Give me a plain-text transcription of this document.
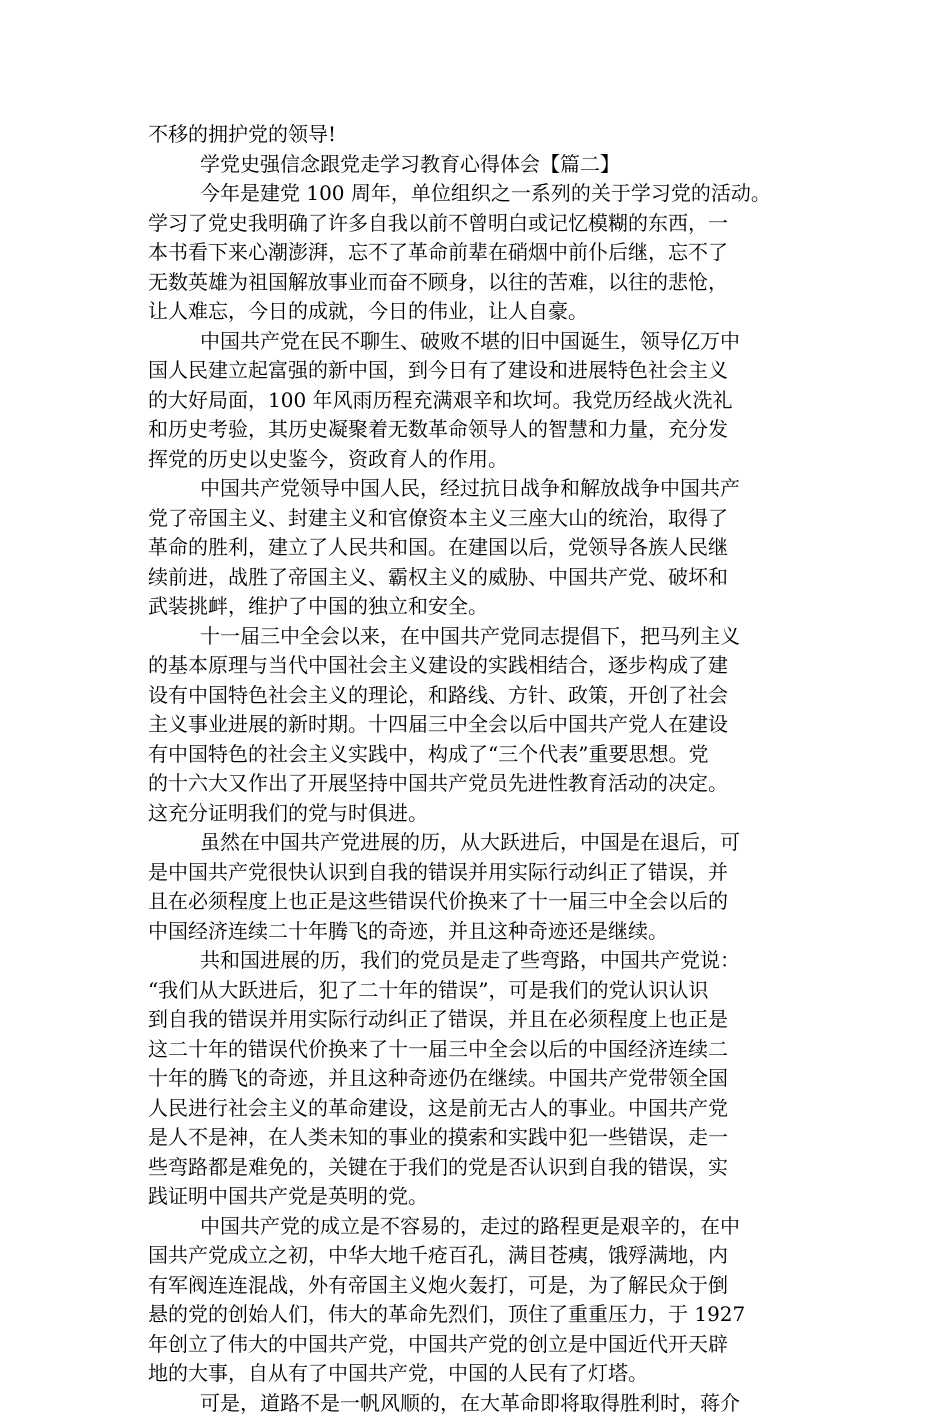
不移的拥护党的领导!
学党史强信念跟党走学习教育心得体会【篇二】
今年是建党 100 周年，单位组织之一系列的关于学习党的活动。
学习了党史我明确了许多自我以前不曾明白或记忆模糊的东西，一
本书看下来心潮澎湃，忘不了革命前辈在硝烟中前仆后继，忘不了
无数英雄为祖国解放事业而奋不顾身，以往的苦难，以往的悲怆，
让人难忘，今日的成就，今日的伟业，让人自豪。
中国共产党在民不聊生、破败不堪的旧中国诞生，领导亿万中
国人民建立起富强的新中国，到今日有了建设和进展特色社会主义
的大好局面，100 年风雨历程充满艰辛和坎坷。我党历经战火洗礼
和历史考验，其历史凝聚着无数革命领导人的智慧和力量，充分发
挥党的历史以史鉴今，资政育人的作用。
中国共产党领导中国人民，经过抗日战争和解放战争中国共产
党了帝国主义、封建主义和官僚资本主义三座大山的统治，取得了
革命的胜利，建立了人民共和国。在建国以后，党领导各族人民继
续前进，战胜了帝国主义、霸权主义的威胁、中国共产党、破坏和
武装挑衅，维护了中国的独立和安全。
十一届三中全会以来，在中国共产党同志提倡下，把马列主义
的基本原理与当代中国社会主义建设的实践相结合，逐步构成了建
设有中国特色社会主义的理论，和路线、方针、政策，开创了社会
主义事业进展的新时期。十四届三中全会以后中国共产党人在建设
有中国特色的社会主义实践中，构成了“三个代表”重要思想。党
的十六大又作出了开展坚持中国共产党员先进性教育活动的决定。
这充分证明我们的党与时俱进。
虽然在中国共产党进展的历，从大跃进后，中国是在退后，可
是中国共产党很快认识到自我的错误并用实际行动纠正了错误，并
且在必须程度上也正是这些错误代价换来了十一届三中全会以后的
中国经济连续二十年腾飞的奇迹，并且这种奇迹还是继续。
共和国进展的历，我们的党员是走了些弯路，中国共产党说：
“我们从大跃进后，犯了二十年的错误”，可是我们的党认识认识
到自我的错误并用实际行动纠正了错误，并且在必须程度上也正是
这二十年的错误代价换来了十一届三中全会以后的中国经济连续二
十年的腾飞的奇迹，并且这种奇迹仍在继续。中国共产党带领全国
人民进行社会主义的革命建设，这是前无古人的事业。中国共产党
是人不是神，在人类未知的事业的摸索和实践中犯一些错误，走一
些弯路都是难免的，关键在于我们的党是否认识到自我的错误，实
践证明中国共产党是英明的党。
中国共产党的成立是不容易的，走过的路程更是艰辛的，在中
国共产党成立之初，中华大地千疮百孔，满目苍痍，饿殍满地，内
有军阀连连混战，外有帝国主义炮火轰打，可是，为了解民众于倒
悬的党的创始人们，伟大的革命先烈们，顶住了重重压力，于 1927
年创立了伟大的中国共产党，中国共产党的创立是中国近代开天辟
地的大事，自从有了中国共产党，中国的人民有了灯塔。
可是，道路不是一帆风顺的，在大革命即将取得胜利时，蒋介
